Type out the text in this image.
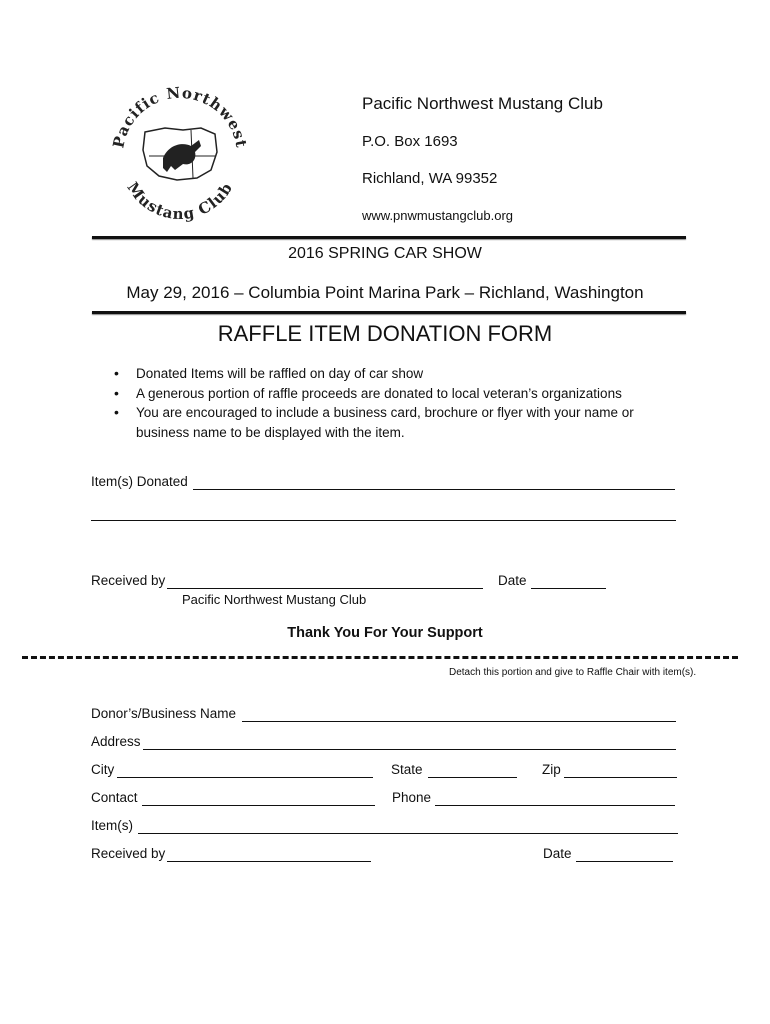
Pacific Northwest
Mustang Club
Pacific Northwest Mustang Club
P.O. Box 1693
Richland, WA 99352
www.pnwmustangclub.org
2016 SPRING CAR SHOW
May 29, 2016 – Columbia Point Marina Park – Richland, Washington
RAFFLE ITEM DONATION FORM
• Donated Items will be raffled on day of car show
• A generous portion of raffle proceeds are donated to local veteran’s organizations
• You are encouraged to include a business card, brochure or flyer with your name or business name to be displayed with the item.
Item(s) Donated
Received by	Date
Pacific Northwest Mustang Club
Thank You For Your Support
Detach this portion and give to Raffle Chair with item(s).
Donor’s/Business Name
Address
City	State	Zip
Contact	Phone
Item(s)
Received by	Date
